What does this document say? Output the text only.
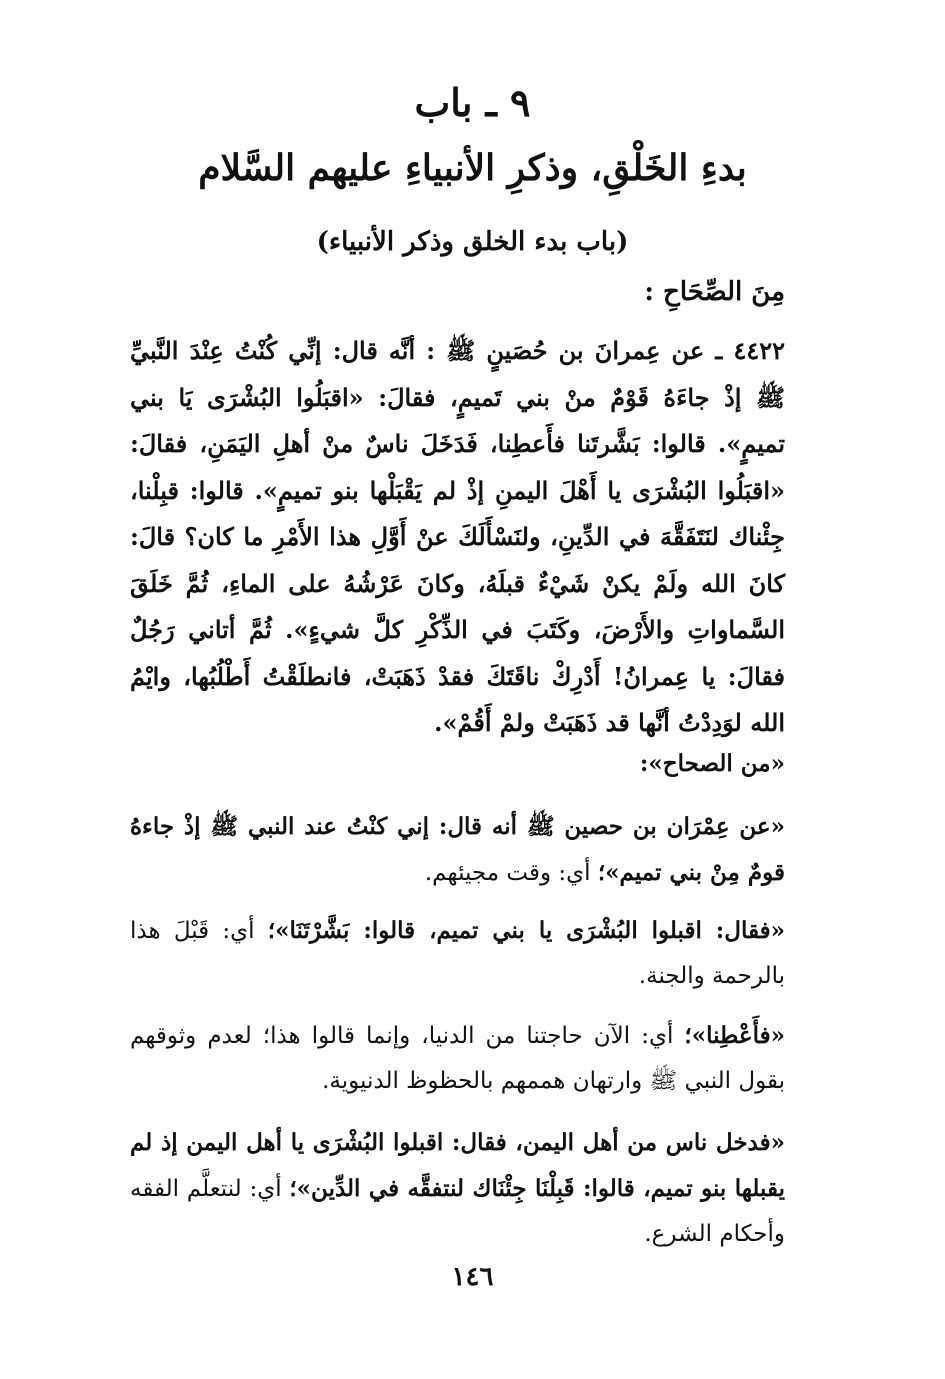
٩ ـ باب
بدءِ الخَلْقِ، وذكرِ الأنبياءِ عليهم السَّلام
(باب بدء الخلق وذكر الأنبياء)
مِنَ الصِّحَاحِ :
٤٤٢٢ ـ عن عِمرانَ بن حُصَينٍ ﷺ : أنَّه قال: إنِّي كُنْتُ عِنْدَ النَّبيِّ ﷺ إذْ جاءَهُ قَوْمٌ منْ بني تَميمٍ، فقالَ: «اقبَلُوا البُشْرَى يَا بني تميمٍ». قالوا: بَشَّرتَنا فأَعطِنا، فَدَخَلَ ناسٌ منْ أهلِ اليَمَنِ، فقالَ: «اقبَلُوا البُشْرَى يا أَهْلَ اليمنِ إذْ لم يَقْبَلْها بنو تميمٍ». قالوا: قبِلْنا، جِئْناك لنَتَفَقَّهَ في الدِّينِ، ولنَسْأَلَكَ عنْ أَوَّلِ هذا الأَمْرِ ما كان؟ قالَ: كانَ الله ولَمْ يكنْ شَيْءٌ قبلَهُ، وكانَ عَرْشُهُ على الماءِ، ثُمَّ خَلَقَ السَّماواتِ والأَرْضَ، وكَتَبَ في الذِّكْرِ كلَّ شيءٍ». ثُمَّ أتاني رَجُلٌ فقالَ: يا عِمرانُ! أَدْرِكْ ناقَتَكَ فقدْ ذَهَبَتْ، فانطلَقْتُ أَطْلُبُها، وايْمُ الله لوَدِدْتُ أنَّها قد ذَهَبَتْ ولمْ أَقُمْ».
«من الصحاح»:
«عن عِمْرَان بن حصين ﷺ أنه قال: إني كنْتُ عند النبي ﷺ إذْ جاءهُ قومٌ مِنْ بني تميم»؛ أي: وقت مجيئهم.
«فقال: اقبلوا البُشْرَى يا بني تميم، قالوا: بَشَّرْتَنَا»؛ أي: قَبْلَ هذا بالرحمة والجنة.
«فأَعْطِنا»؛ أي: الآن حاجتنا من الدنيا، وإنما قالوا هذا؛ لعدم وثوقهم بقول النبي ﷺ وارتهان هممهم بالحظوظ الدنيوية.
«فدخل ناس من أهل اليمن، فقال: اقبلوا البُشْرَى يا أهل اليمن إذ لم يقبلها بنو تميم، قالوا: قَبِلْنَا جِئْنَاك لنتفقَّه في الدِّين»؛ أي: لنتعلَّم الفقه وأحكام الشرع.
١٤٦
